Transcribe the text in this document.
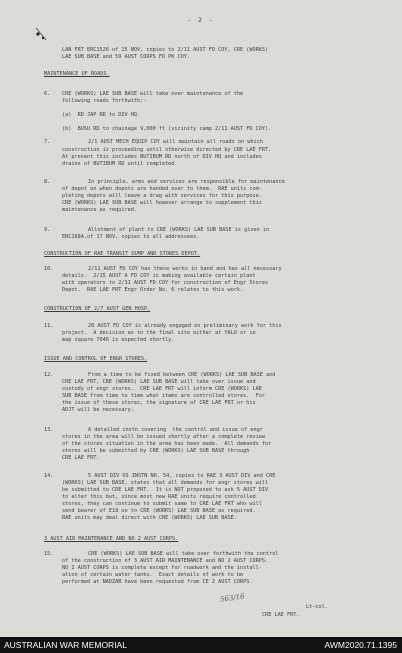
- 2 -
LAN FRT ERC1526 of 15 NOV, copies to 2/11 AUST FD COY, CRE (WORKS)
LAE SUB BASE and 59 AUST CORPS FD PK COY.
MAINTENANCE OF ROADS.
CRE (WORKS) LAE SUB BASE will take over maintenance of the
following roads forthwith:-
(a)  RD JAP RD to DIV HQ.
(b)  BUSU RD to chainage 9,000 ft (vicinity camp 2/11 AUST FD COY).
2/1 AUST MECH EQUIP COY will maintain all roads on which
construction is proceeding until otherwise directed by CRE LAE FRT.
At present this includes BUTIBUM RD north of DIV HQ and includes
drains of BUTIBUM RD until completed.
In principle, arms and services are responsible for maintenance
of depot on when depots are handed over to them.  RAE units com-
pleting depots will leave a drag with services for this purpose.
CRE (WORKS) LAE SUB BASE will however arrange to supplement this
maintenance as required.
Allotment of plant to CRE (WORKS) LAE SUB BASE is given in
ERC1684,of 17 NOV, copies to all addressees.
CONSTRUCTION OF RAE TRANSIT DUMP AND STORES DEPOT.
2/11 AUST FD COY has these works in hand and has all necessary
details.  2/15 AUST A FD COY is making available certain plant
with operators to 2/11 AUST FD COY for construction of Engr Stores
Depot.  RAE LAE FRT Engr Order No. 6 relates to this work.
CONSTRUCTION OF 2/7 AUST GEN HOSP.
20 AUST FD COY is already engaged on preliminary work for this
project.  A decision as to the final site either at YALU or in
map square 7046 is expected shortly.
ISSUE AND CONTROL OF ENGR STORES.
From a time to be fixed between CRE (WORKS) LAE SUB BASE and
CRE LAE FRT, CRE (WORKS) LAE SUB BASE will take over issue and
custody of engr stores.  CRE LAE FRT will inform CRE (WORKS) LAE
SUB BASE from time to time what items are controlled stores.  For
the issue of these stores, the signature of CRE LAE FRT or his
ADJT will be necessary.
A detailed instn covering  the control and issue of engr
stores in the area will be issued shortly after a complete review
of the stores situation in the area has been made.  All demands for
stores will be submitted by CRE (WORKS) LAE SUB BASE through
CRE LAE FRT.
5 AUST DIV OS INSTN NO. 54, copies to RAE 3 AUST DIV and CRE
(WORKS) LAE SUB BASE, states that all demands for engr stores will
be submitted to CRE LAE FRT.  It is NOT proposed to ask 5 AUST DIV
to alter this but, since most new RAE units require controlled
stores, they can continue to submit same to CRE LAE FRT who will
send bearer of E18 on to CRE (WORKS) LAE SUB BASE as required.
RAE units may deal direct with CRE (WORKS) LAE SUB BASE.
3 AUST AIR MAINTENANCE AND NO 2 AUST CORPS.
CRE (WORKS) LAE SUB BASE will take over forthwith the control
of the construction of 3 AUST AIR MAINTENANCE and NO 2 AUST CORPS.
NO 2 AUST CORPS is complete except for roadwork and the install-
ation of certain water tanks.  Exact details of work to be
performed at NADZAB have been requested from CE 2 AUST CORPS.
6.
7.
8.
9.
10.
11.
12.
13.
14.
15.
Lt-col.
CRE LAE FRT.
563/16
AUSTRALIAN WAR MEMORIAL	AWM2020.71.1395
